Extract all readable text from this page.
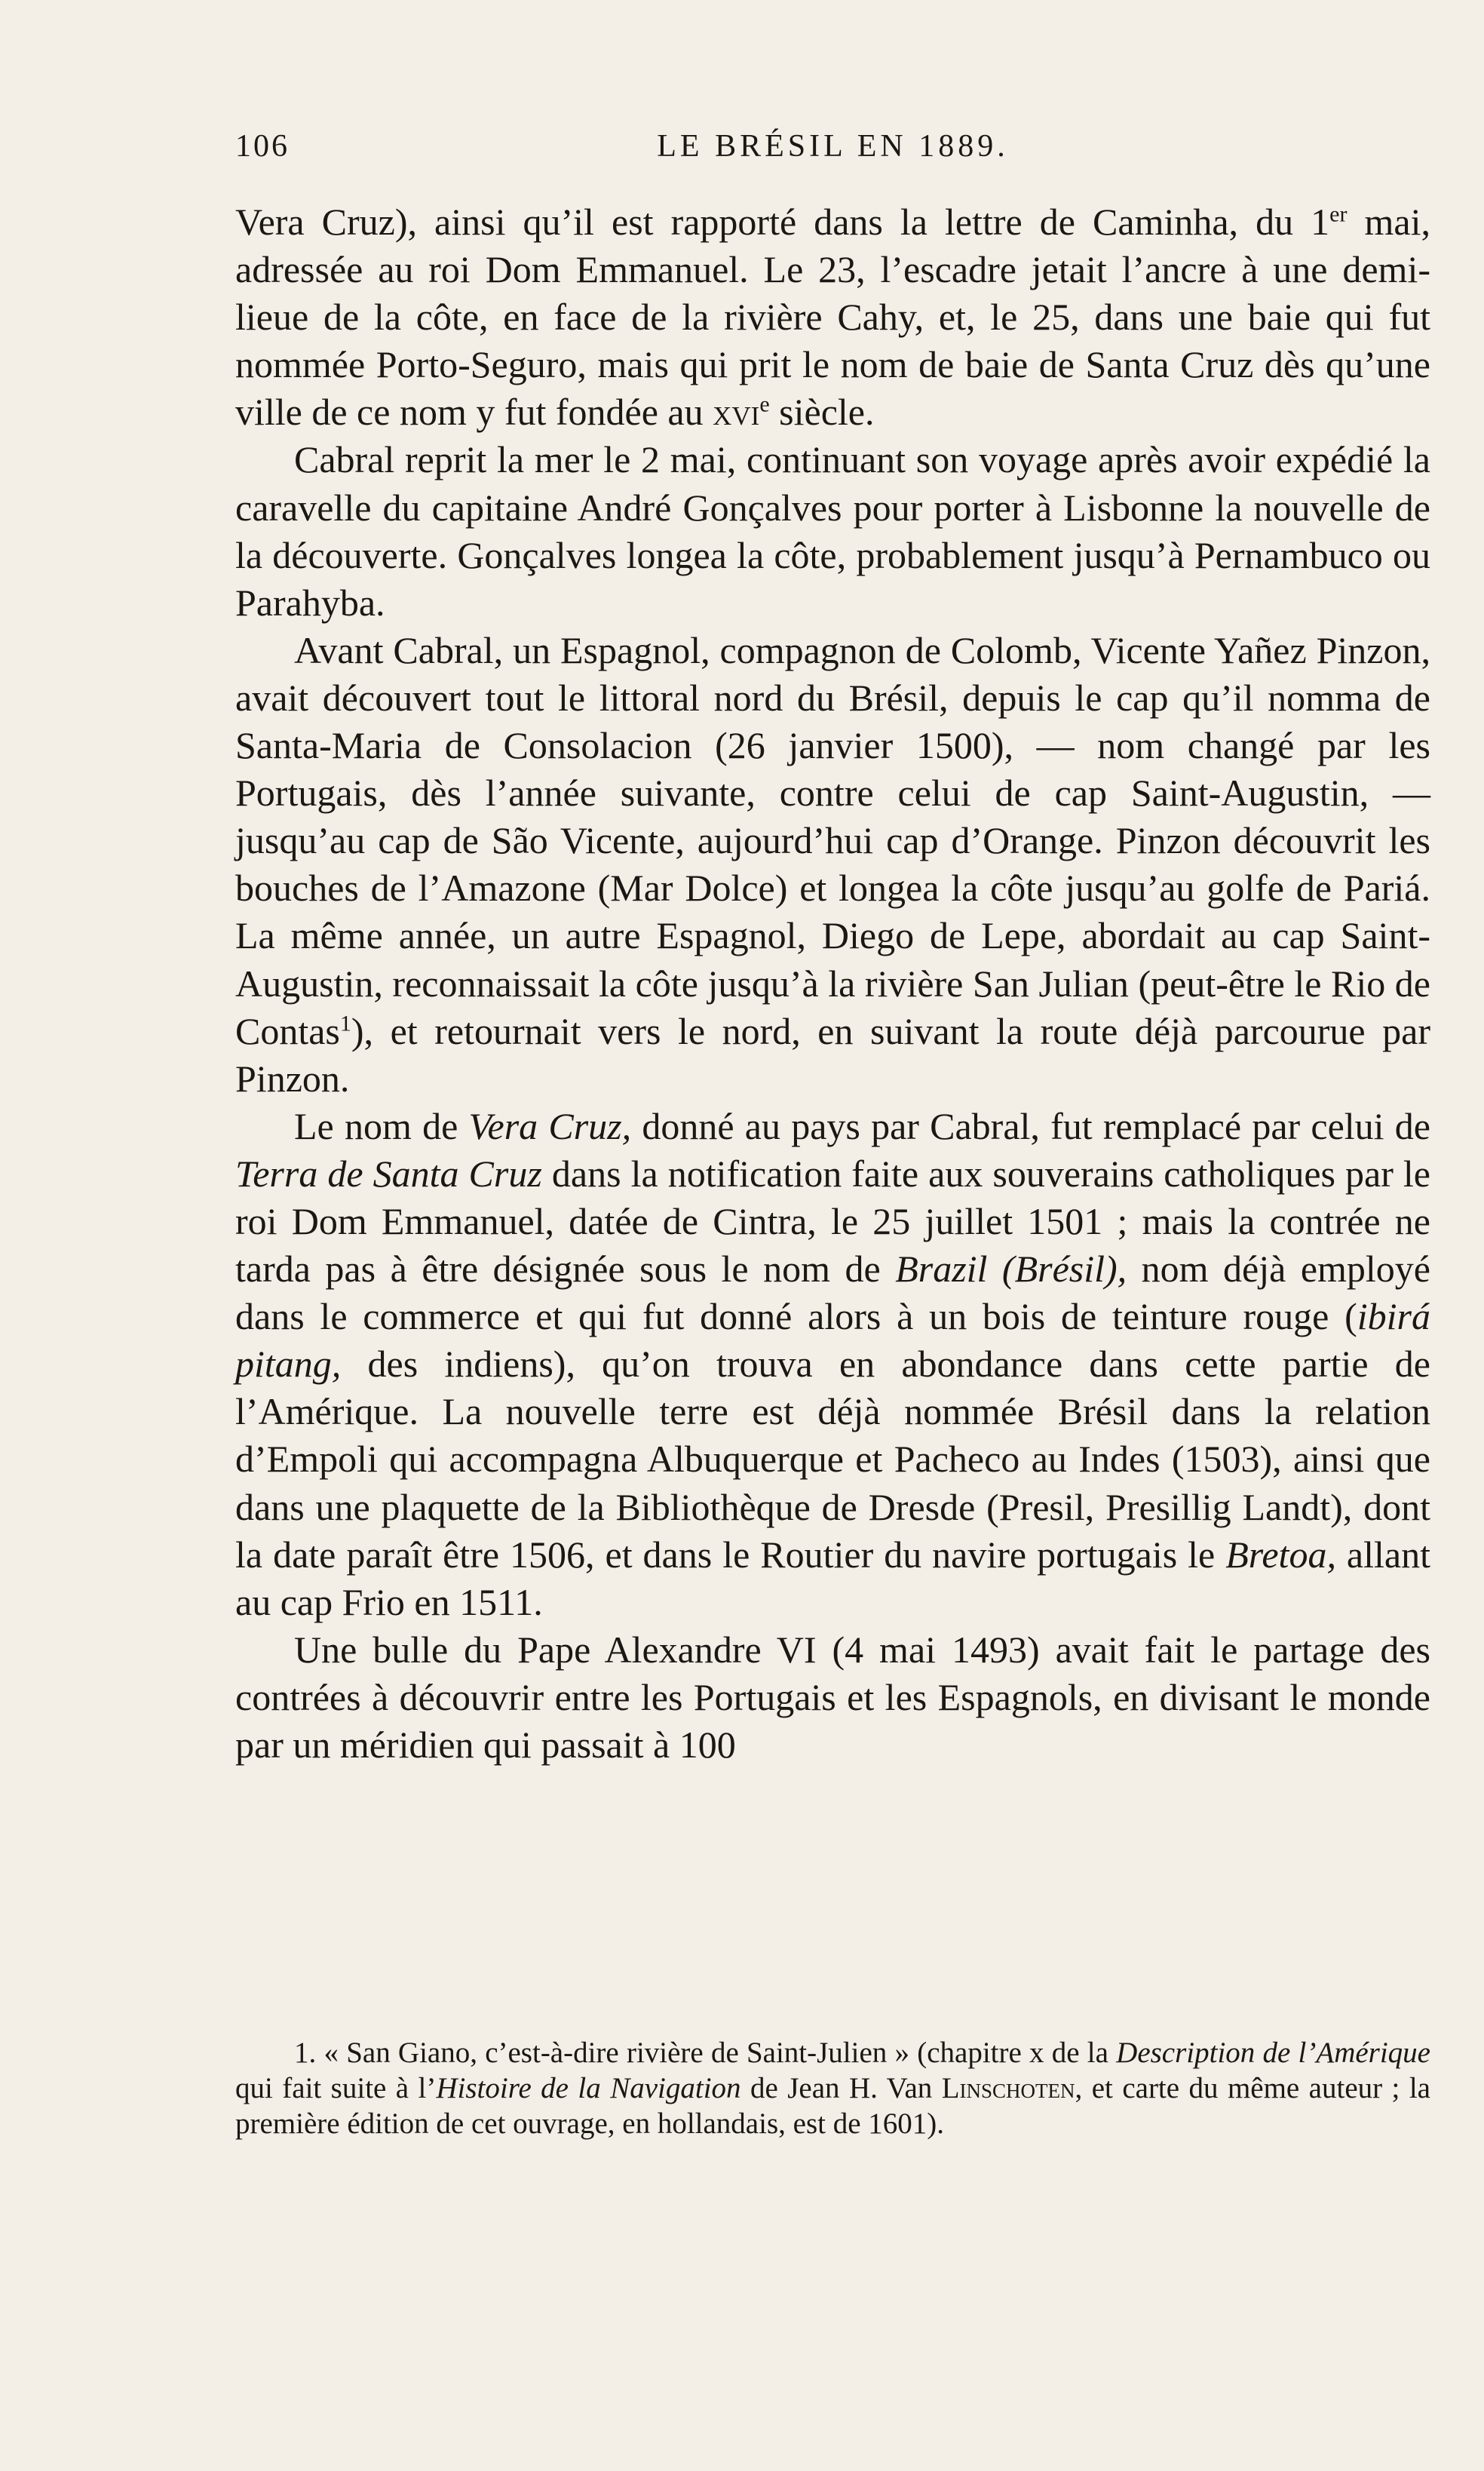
106	LE BRÉSIL EN 1889.

Vera Cruz), ainsi qu’il est rapporté dans la lettre de Caminha, du 1er mai, adressée au roi Dom Emmanuel. Le 23, l’escadre jetait l’ancre à une demi-lieue de la côte, en face de la rivière Cahy, et, le 25, dans une baie qui fut nommée Porto-Seguro, mais qui prit le nom de baie de Santa Cruz dès qu’une ville de ce nom y fut fondée au xvi$^e$ siècle.

Cabral reprit la mer le 2 mai, continuant son voyage après avoir expédié la caravelle du capitaine André Gonçalves pour porter à Lisbonne la nouvelle de la découverte. Gonçalves longea la côte, probablement jusqu’à Pernambuco ou Parahyba.

Avant Cabral, un Espagnol, compagnon de Colomb, Vicente Yañez Pinzon, avait découvert tout le littoral nord du Brésil, depuis le cap qu’il nomma de Santa-Maria de Consolacion (26 janvier 1500), — nom changé par les Portugais, dès l’année suivante, contre celui de cap Saint-Augustin, — jusqu’au cap de São Vicente, aujourd’hui cap d’Orange. Pinzon découvrit les bouches de l’Amazone (Mar Dolce) et longea la côte jusqu’au golfe de Pariá. La même année, un autre Espagnol, Diego de Lepe, abordait au cap Saint-Augustin, reconnaissait la côte jusqu’à la rivière San Julian (peut-être le Rio de Contas$^1$), et retournait vers le nord, en suivant la route déjà parcourue par Pinzon.

Le nom de Vera Cruz, donné au pays par Cabral, fut remplacé par celui de Terra de Santa Cruz dans la notification faite aux souverains catholiques par le roi Dom Emmanuel, datée de Cintra, le 25 juillet 1501 ; mais la contrée ne tarda pas à être désignée sous le nom de Brazil (Brésil), nom déjà employé dans le commerce et qui fut donné alors à un bois de teinture rouge (ibirá pitang, des indiens), qu’on trouva en abondance dans cette partie de l’Amérique. La nouvelle terre est déjà nommée Brésil dans la relation d’Empoli qui accompagna Albuquerque et Pacheco au Indes (1503), ainsi que dans une plaquette de la Bibliothèque de Dresde (Presil, Presillig Landt), dont la date paraît être 1506, et dans le Routier du navire portugais le Bretoa, allant au cap Frio en 1511.

Une bulle du Pape Alexandre VI (4 mai 1493) avait fait le partage des contrées à découvrir entre les Portugais et les Espagnols, en divisant le monde par un méridien qui passait à 100

1. « San Giano, c’est-à-dire rivière de Saint-Julien » (chapitre x de la Description de l’Amérique qui fait suite à l’Histoire de la Navigation de Jean H. Van Linschoten, et carte du même auteur ; la première édition de cet ouvrage, en hollandais, est de 1601).
